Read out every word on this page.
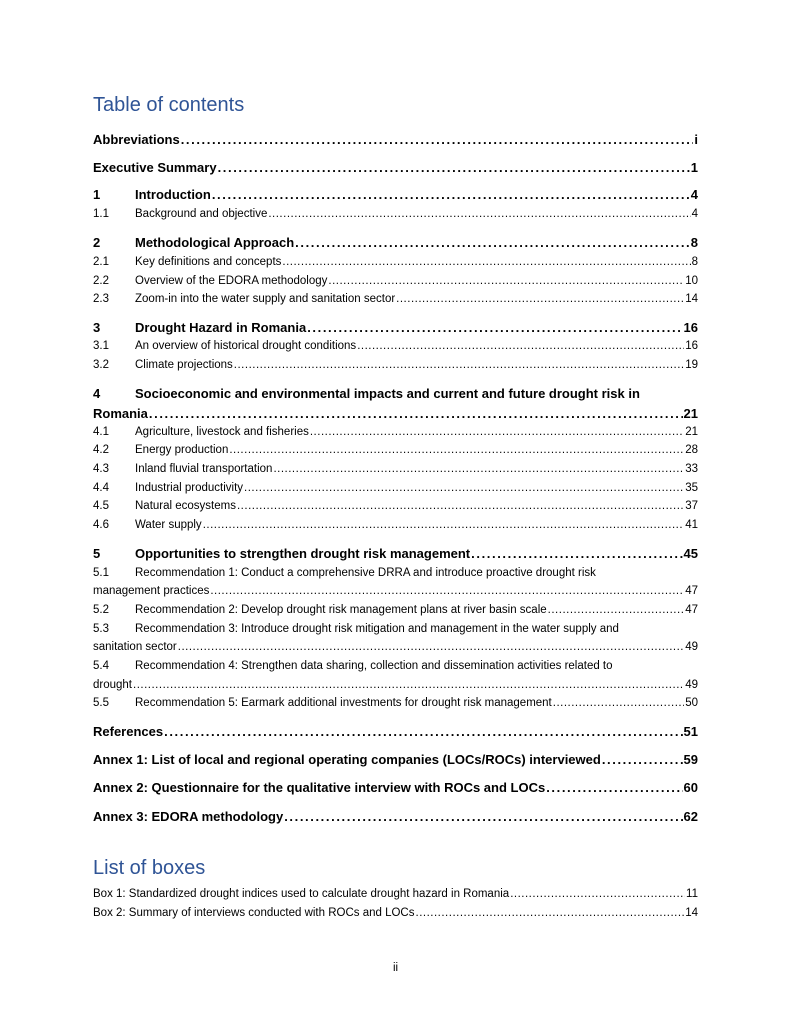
Table of contents
Abbreviations .....	i
Executive Summary .....	1
1	Introduction .....	4
1.1	Background and objective .....	4
2	Methodological Approach .....	8
2.1	Key definitions and concepts .....	8
2.2	Overview of the EDORA methodology .....	10
2.3	Zoom-in into the water supply and sanitation sector .....	14
3	Drought Hazard in Romania .....	16
3.1	An overview of historical drought conditions .....	16
3.2	Climate projections .....	19
4	Socioeconomic and environmental impacts and current and future drought risk in
Romania .....	21
4.1	Agriculture, livestock and fisheries .....	21
4.2	Energy production .....	28
4.3	Inland fluvial transportation .....	33
4.4	Industrial productivity .....	35
4.5	Natural ecosystems .....	37
4.6	Water supply .....	41
5	Opportunities to strengthen drought risk management .....	45
5.1	Recommendation 1: Conduct a comprehensive DRRA and introduce proactive drought risk
management practices .....	47
5.2	Recommendation 2: Develop drought risk management plans at river basin scale .....	47
5.3	Recommendation 3: Introduce drought risk mitigation and management in the water supply and
sanitation sector .....	49
5.4	Recommendation 4: Strengthen data sharing, collection and dissemination activities related to
drought .....	49
5.5	Recommendation 5: Earmark additional investments for drought risk management .....	50
References .....	51
Annex 1: List of local and regional operating companies (LOCs/ROCs) interviewed .....	59
Annex 2: Questionnaire for the qualitative interview with ROCs and LOCs .....	60
Annex 3: EDORA methodology .....	62
List of boxes
Box 1: Standardized drought indices used to calculate drought hazard in Romania .....	11
Box 2: Summary of interviews conducted with ROCs and LOCs .....	14
ii
